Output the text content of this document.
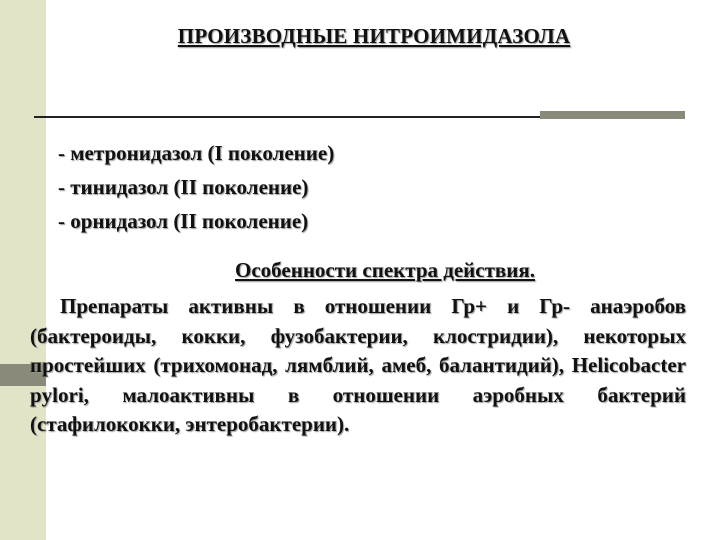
ПРОИЗВОДНЫЕ НИТРОИМИДАЗОЛА
- метронидазол (I поколение)
- тинидазол (II поколение)
- орнидазол (II поколение)
Особенности спектра действия.

Препараты активны в отношении Гр+ и Гр- анаэробов (бактероиды, кокки, фузобактерии, клостридии), некоторых простейших (трихомонад, лямблий, амеб, балантидий), Helicobacter pylori, малоактивны в отношении аэробных бактерий (стафилококки, энтеробактерии).
